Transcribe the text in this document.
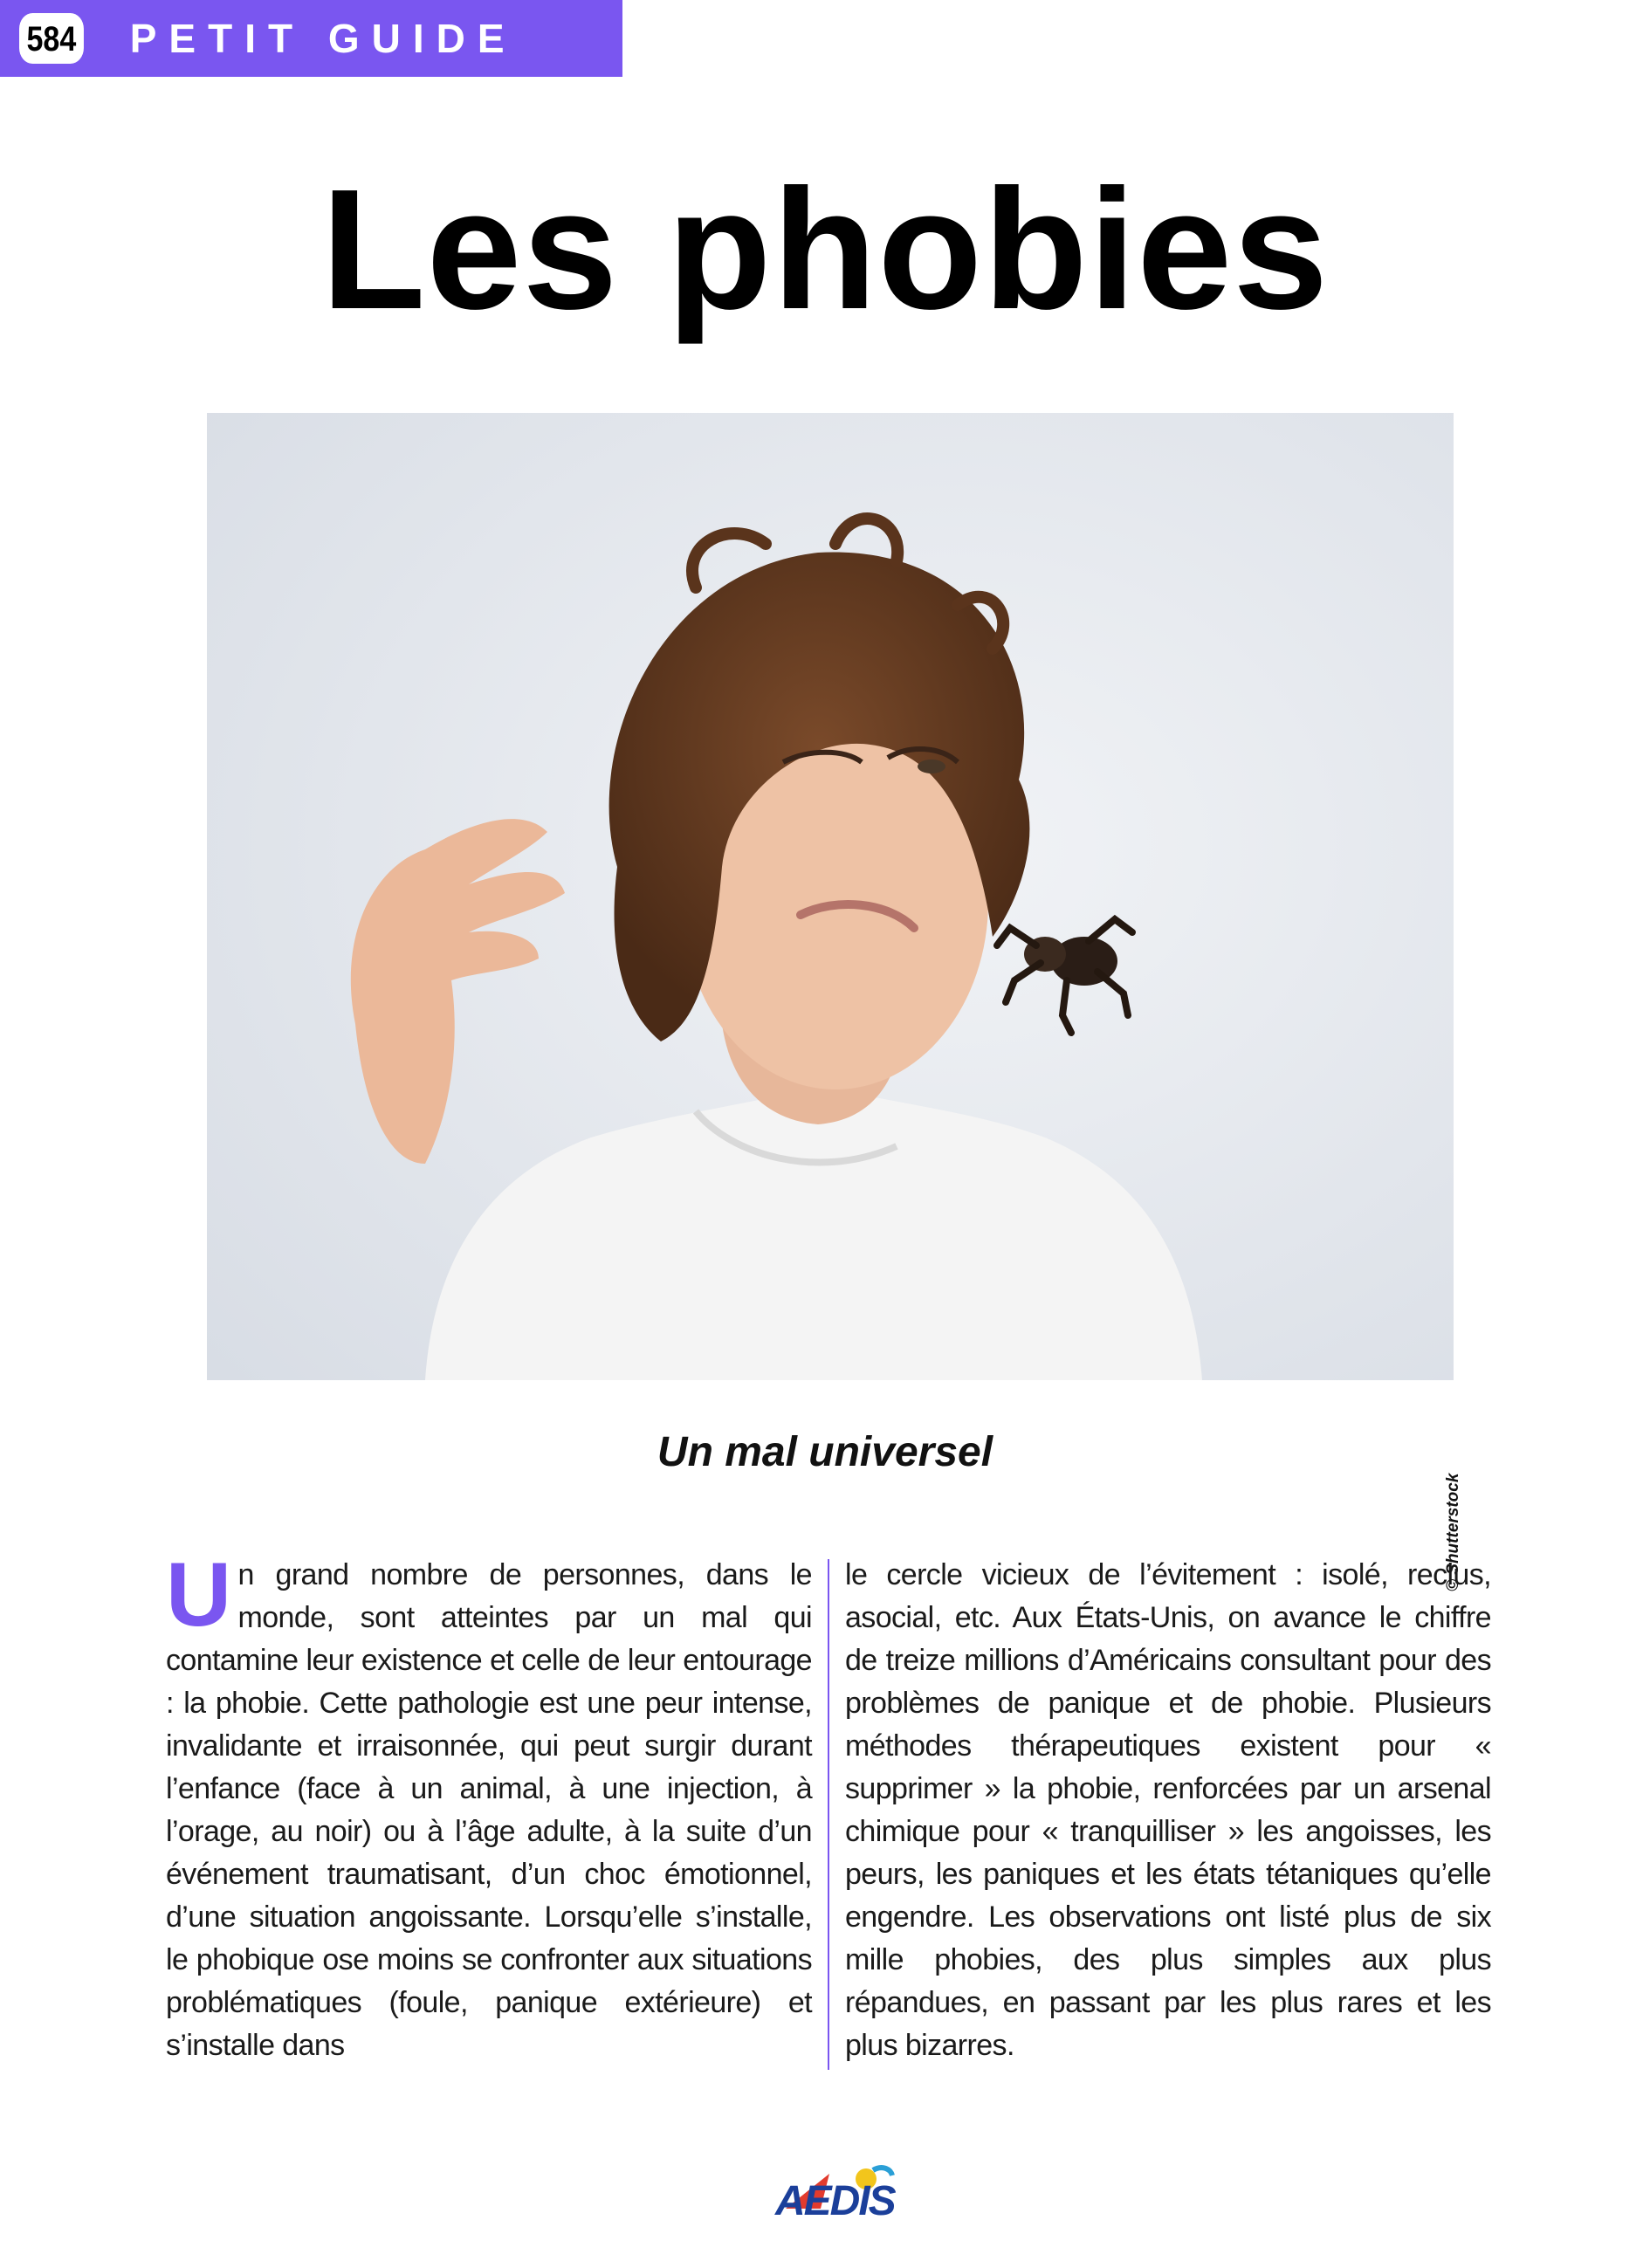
584 PETIT GUIDE
Les phobies
© Shutterstock
Un mal universel
Un grand nombre de personnes, dans le monde, sont atteintes par un mal qui contamine leur existence et celle de leur entourage : la phobie. Cette pathologie est une peur intense, invalidante et irraisonnée, qui peut surgir durant l’enfance (face à un animal, à une injection, à l’orage, au noir) ou à l’âge adulte, à la suite d’un événement traumatisant, d’un choc émotionnel, d’une situation angoissante. Lorsqu’elle s’installe, le phobique ose moins se confronter aux situations problématiques (foule, panique extérieure) et s’installe dans
le cercle vicieux de l’évitement : isolé, reclus, asocial, etc. Aux États-Unis, on avance le chiffre de treize millions d’Américains consultant pour des problèmes de panique et de phobie. Plusieurs méthodes thérapeutiques existent pour « supprimer » la phobie, renforcées par un arsenal chimique pour « tranquilliser » les angoisses, les peurs, les paniques et les états tétaniques qu’elle engendre. Les observations ont listé plus de six mille phobies, des plus simples aux plus répandues, en passant par les plus rares et les plus bizarres.
AEDIS
